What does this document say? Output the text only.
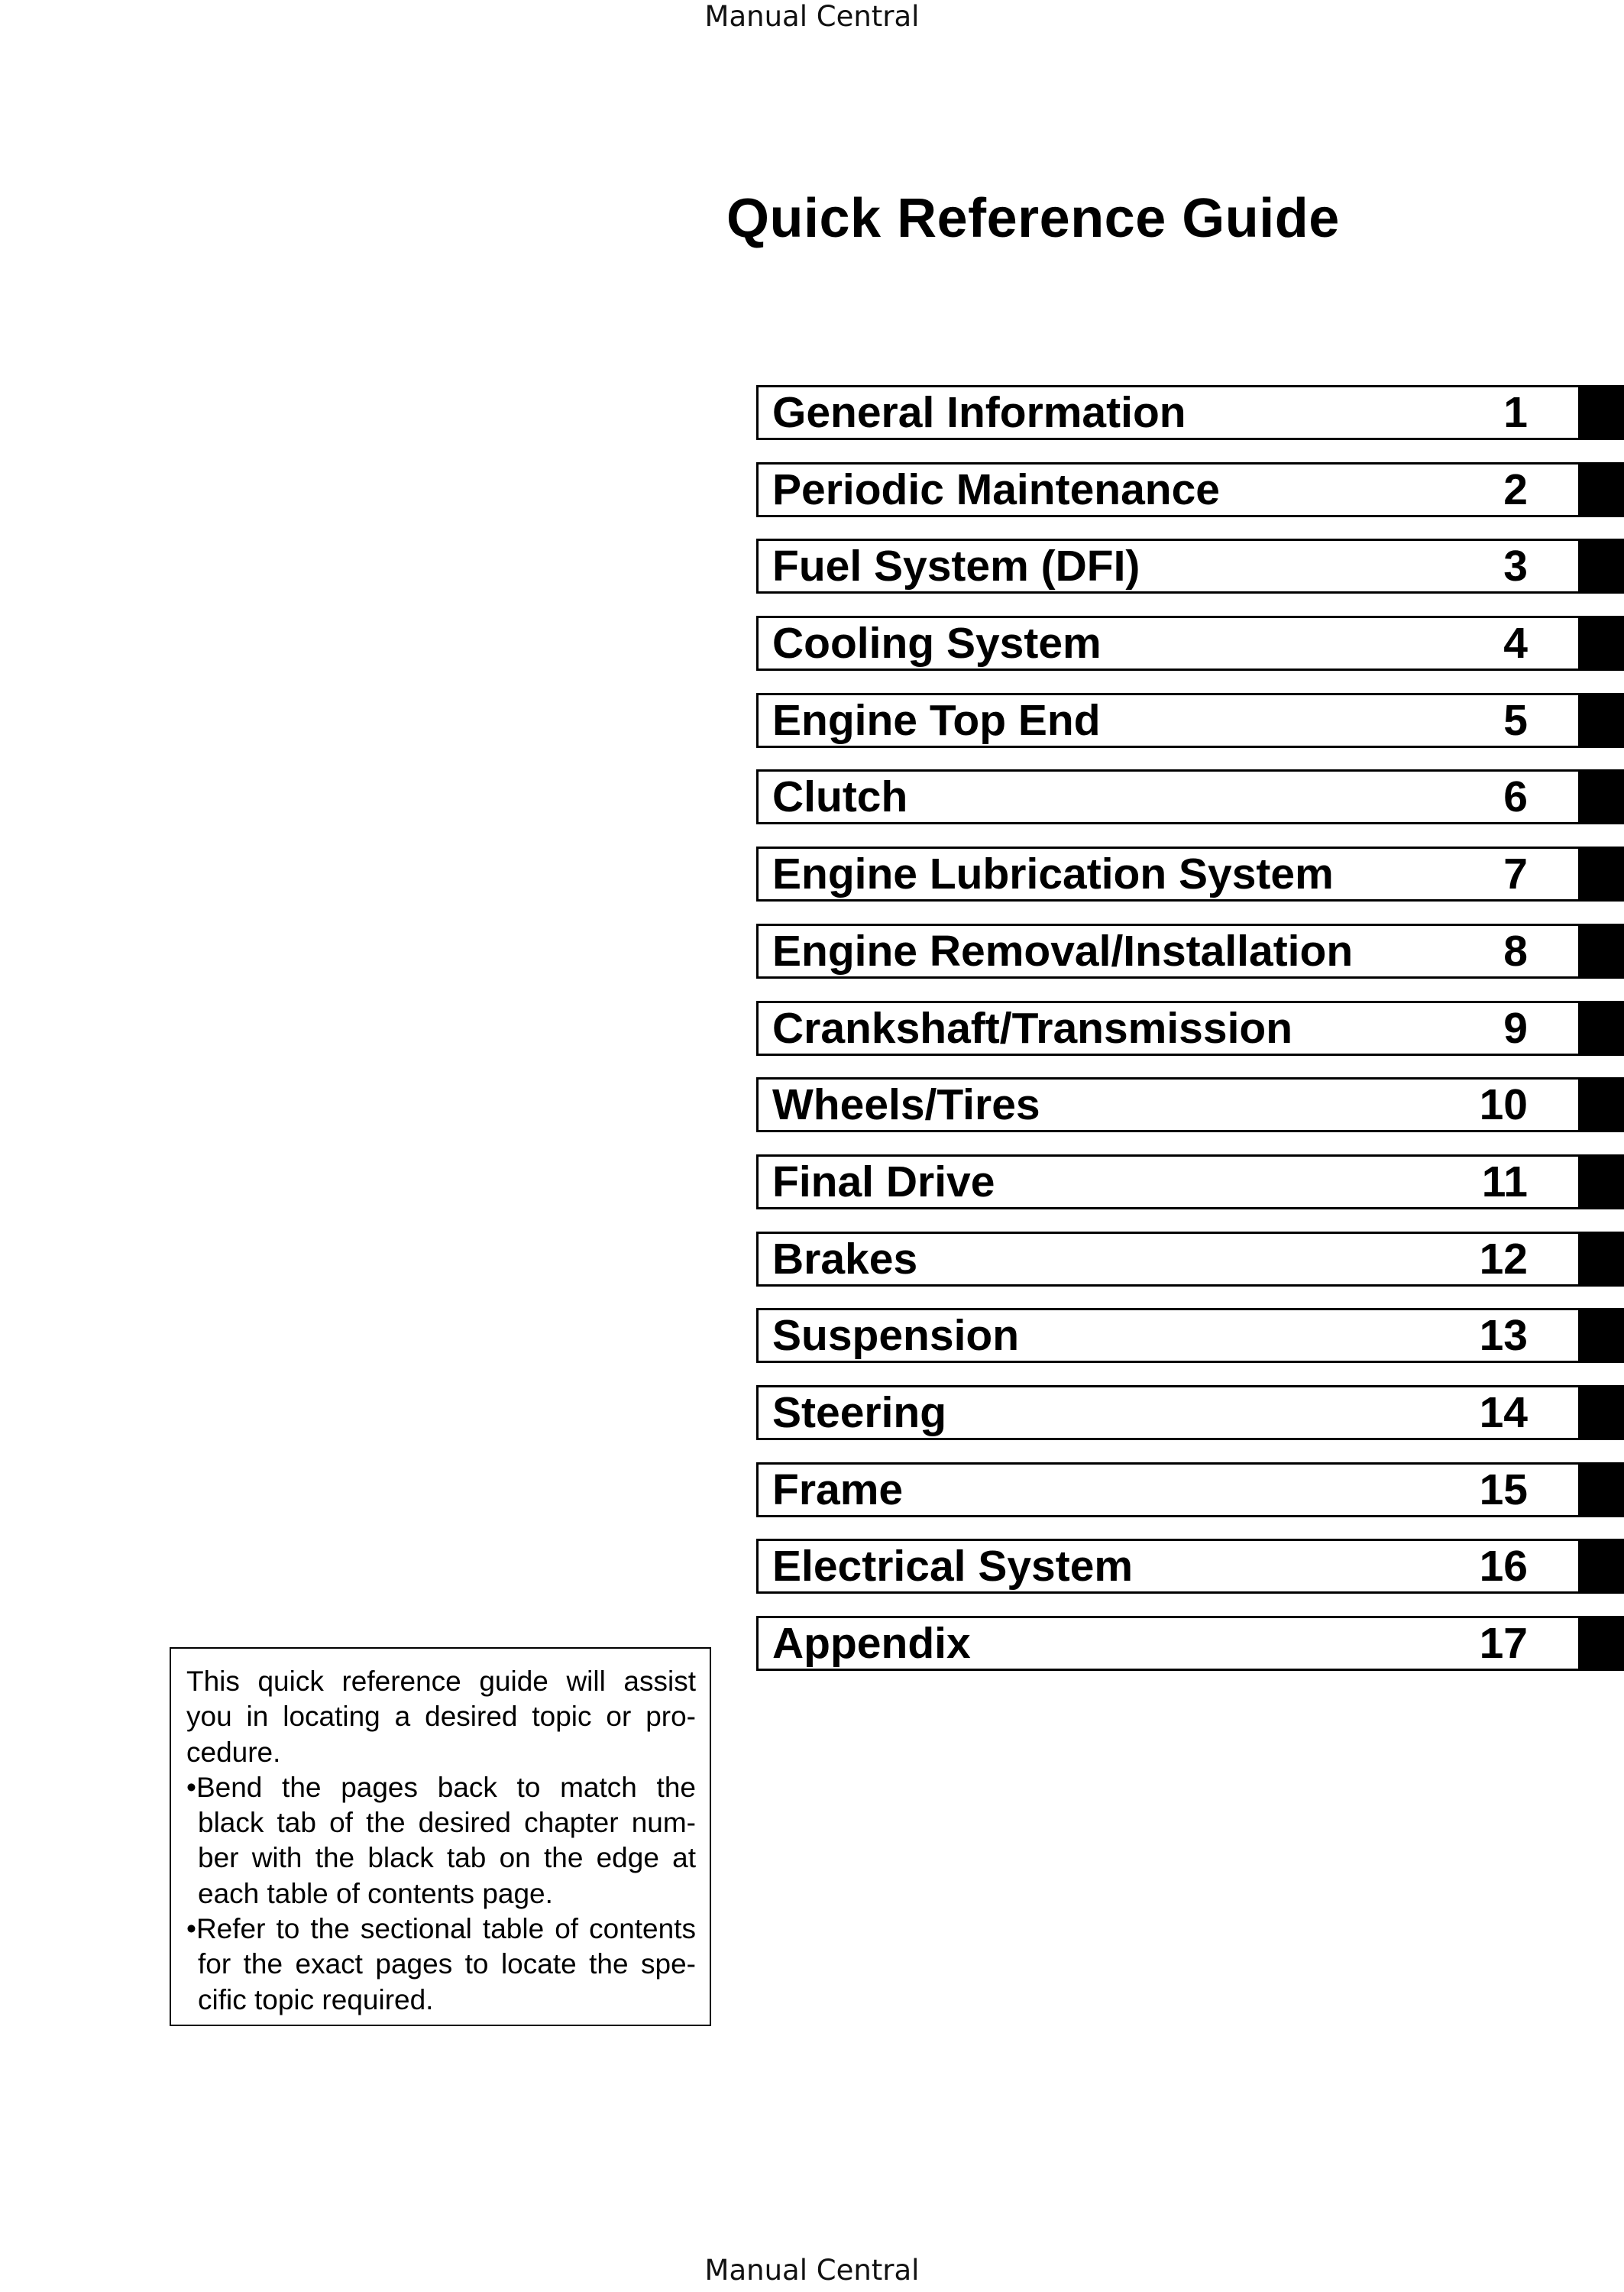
Manual Central
Quick Reference Guide
General Information	1
Periodic Maintenance	2
Fuel System (DFI)	3
Cooling System	4
Engine Top End	5
Clutch	6
Engine Lubrication System	7
Engine Removal/Installation	8
Crankshaft/Transmission	9
Wheels/Tires	10
Final Drive	11
Brakes	12
Suspension	13
Steering	14
Frame	15
Electrical System	16
Appendix	17
This quick reference guide will assist
you in locating a desired topic or pro-
cedure.
•Bend the pages back to match the
black tab of the desired chapter num-
ber with the black tab on the edge at
each table of contents page.
•Refer to the sectional table of contents
for the exact pages to locate the spe-
cific topic required.
Manual Central
